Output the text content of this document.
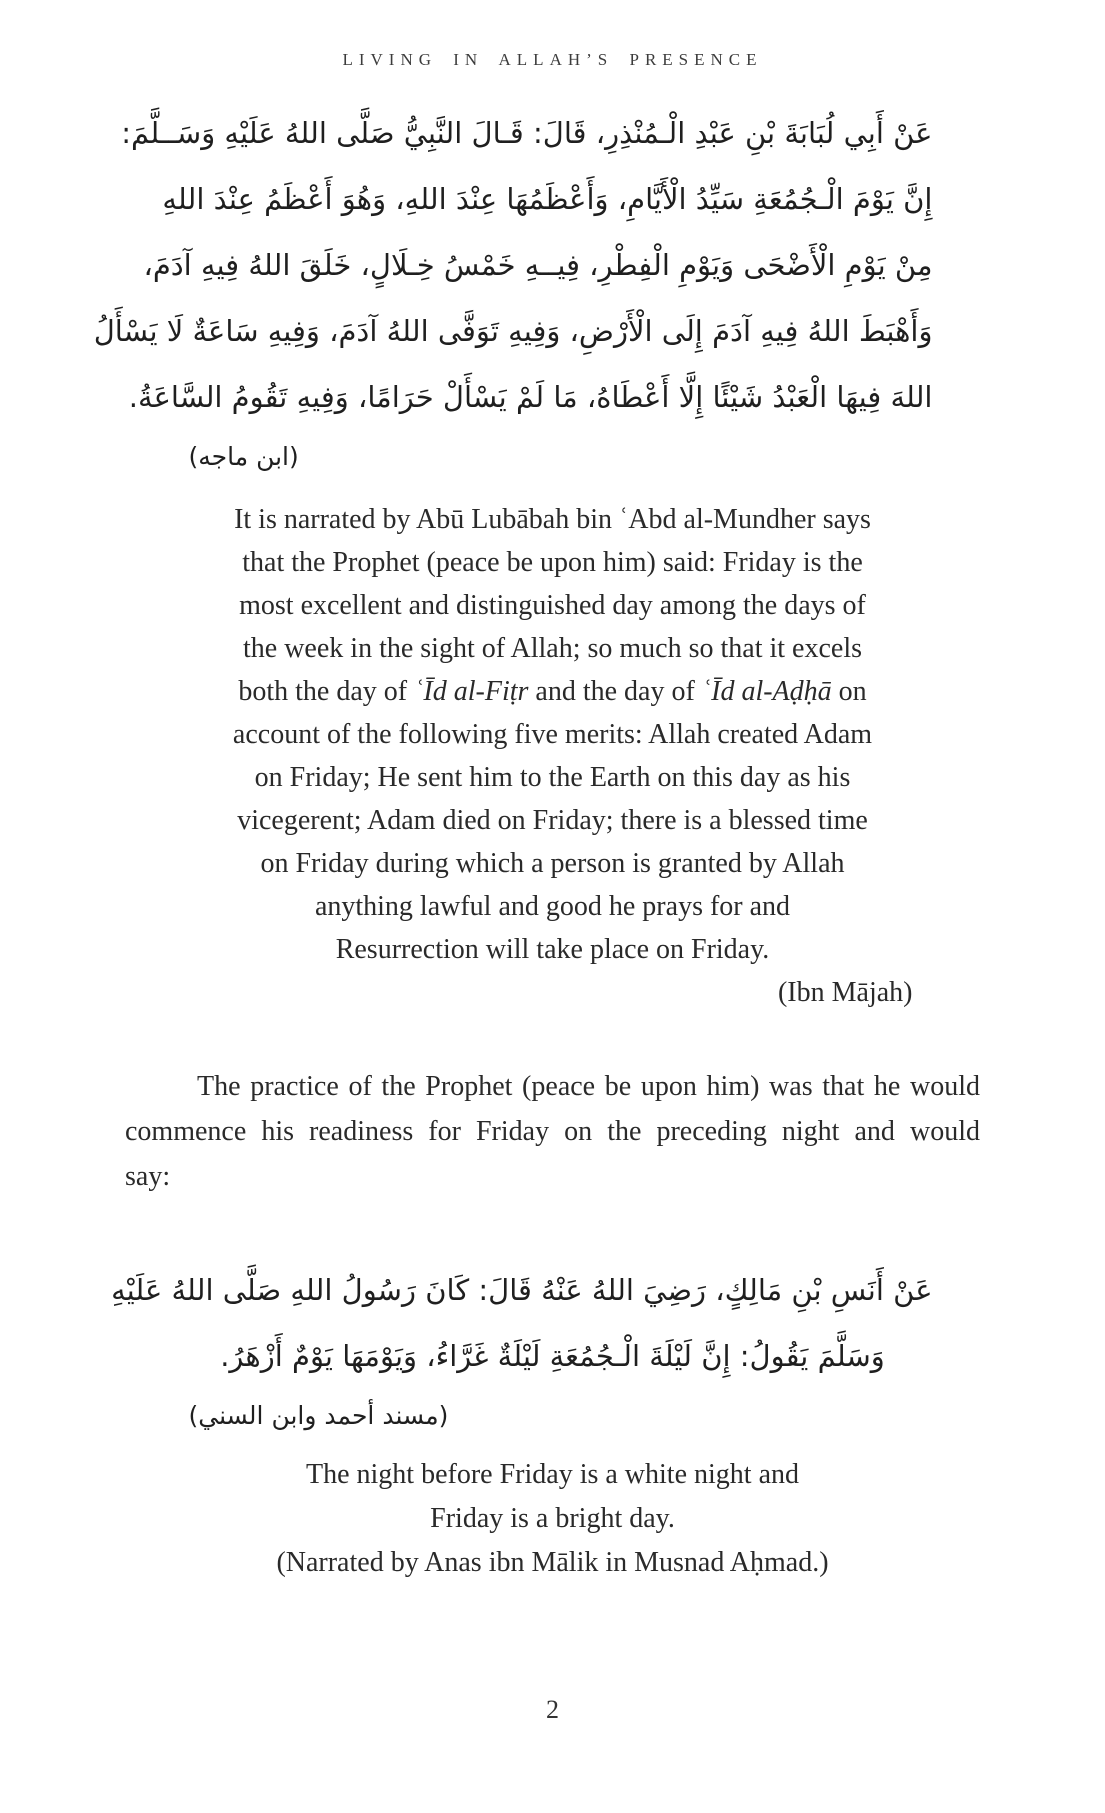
LIVING IN ALLAH’S PRESENCE
عَنْ أَبِي لُبَابَةَ بْنِ عَبْدِ الْـمُنْذِرِ، قَالَ: قَـالَ النَّبِيُّ صَلَّى اللهُ عَلَيْهِ وَسَــلَّمَ:
إِنَّ يَوْمَ الْـجُمُعَةِ سَيِّدُ الْأَيَّامِ، وَأَعْظَمُهَا عِنْدَ اللهِ، وَهُوَ أَعْظَمُ عِنْدَ اللهِ
مِنْ يَوْمِ الْأَضْحَى وَيَوْمِ الْفِطْرِ، فِيــهِ خَمْسُ خِـلَالٍ، خَلَقَ اللهُ فِيهِ آدَمَ،
وَأَهْبَطَ اللهُ فِيهِ آدَمَ إِلَى الْأَرْضِ، وَفِيهِ تَوَفَّى اللهُ آدَمَ، وَفِيهِ سَاعَةٌ لَا يَسْأَلُ
اللهَ فِيهَا الْعَبْدُ شَيْئًا إِلَّا أَعْطَاهُ، مَا لَمْ يَسْأَلْ حَرَامًا، وَفِيهِ تَقُومُ السَّاعَةُ.
(ابن ماجه)
It is narrated by Abū Lubābah bin ʿAbd al-Mundher says
that the Prophet (peace be upon him) said: Friday is the
most excellent and distinguished day among the days of
the week in the sight of Allah; so much so that it excels
both the day of ʿĪd al-Fiṭr and the day of ʿĪd al-Aḍḥā on
account of the following five merits: Allah created Adam
on Friday; He sent him to the Earth on this day as his
vicegerent; Adam died on Friday; there is a blessed time
on Friday during which a person is granted by Allah
anything lawful and good he prays for and
Resurrection will take place on Friday.
(Ibn Mājah)
The practice of the Prophet (peace be upon him) was that he would
commence his readiness for Friday on the preceding night and would
say:
عَنْ أَنَسِ بْنِ مَالِكٍ، رَضِيَ اللهُ عَنْهُ قَالَ: كَانَ رَسُولُ اللهِ صَلَّى اللهُ عَلَيْهِ
وَسَلَّمَ يَقُولُ: إِنَّ لَيْلَةَ الْـجُمُعَةِ لَيْلَةٌ غَرَّاءُ، وَيَوْمَهَا يَوْمٌ أَزْهَرُ.
(مسند أحمد وابن السني)
The night before Friday is a white night and
Friday is a bright day.
(Narrated by Anas ibn Mālik in Musnad Aḥmad.)
2
